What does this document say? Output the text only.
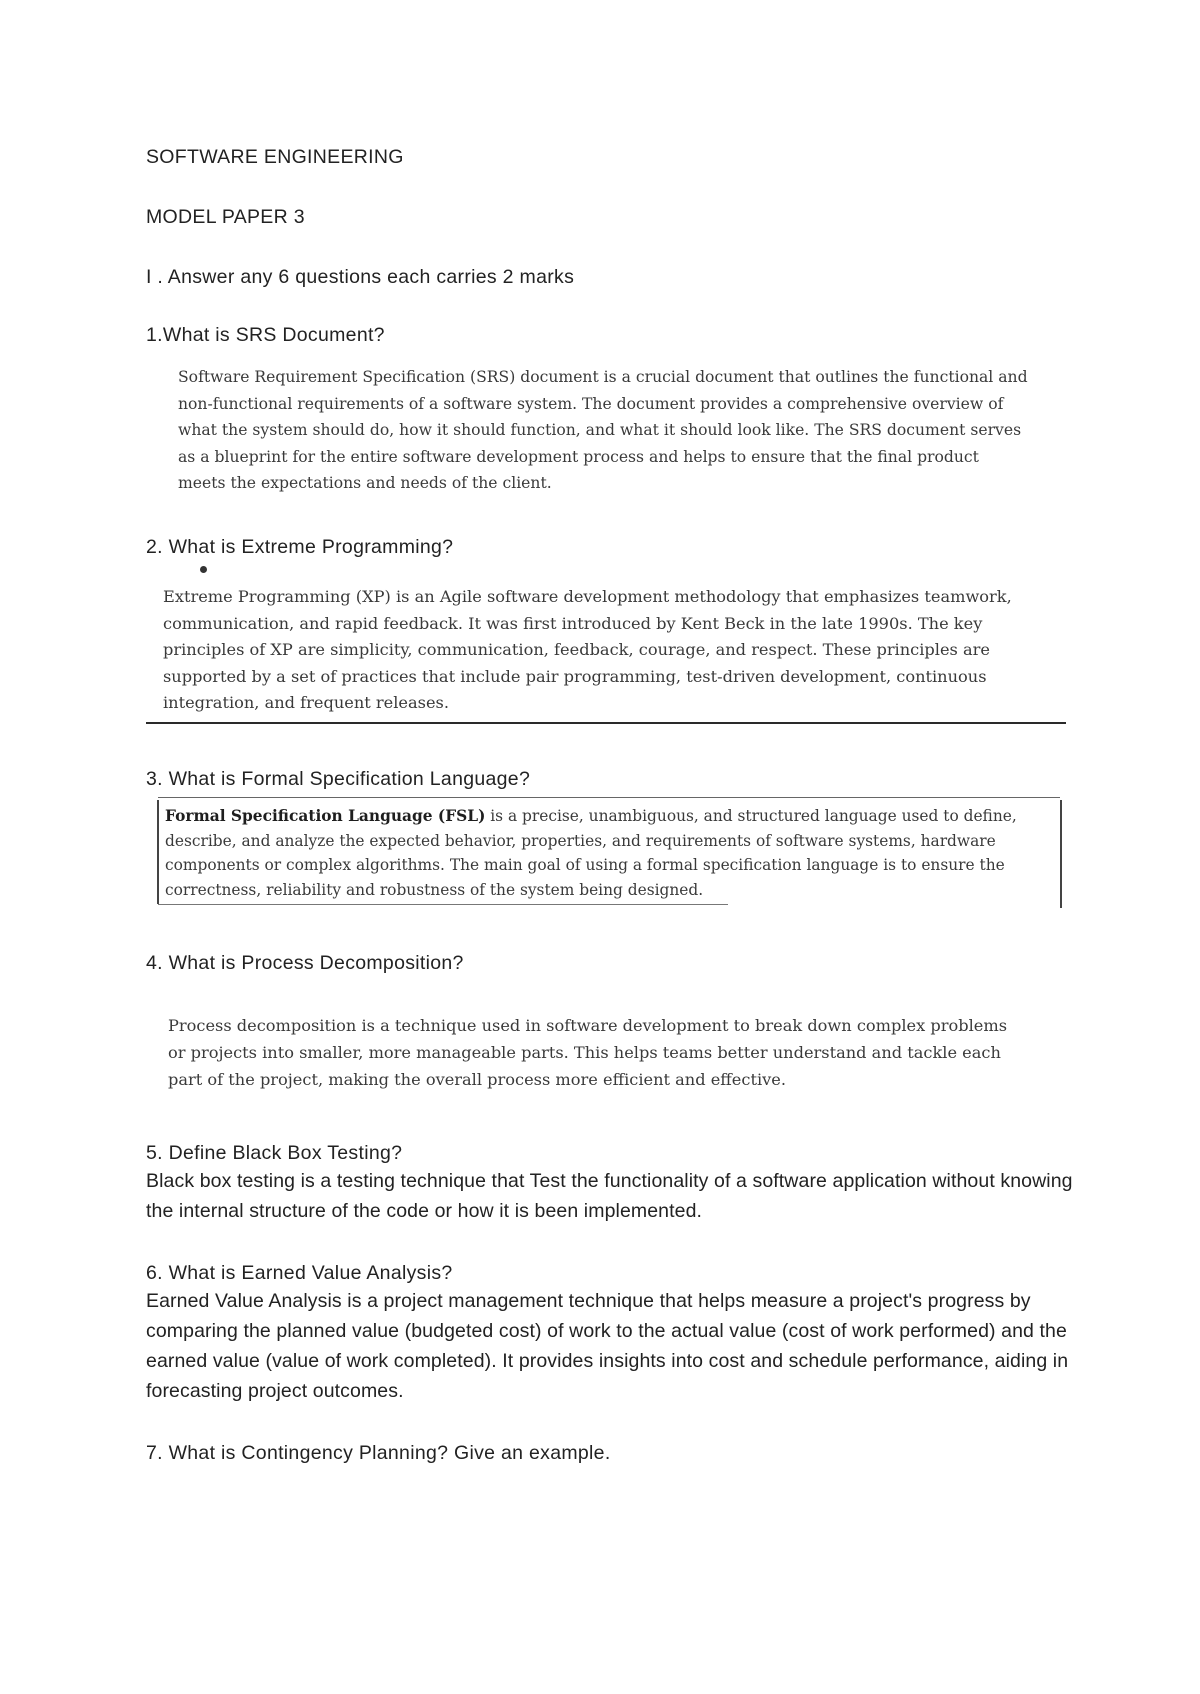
SOFTWARE ENGINEERING
MODEL PAPER 3
I . Answer any 6 questions each carries 2 marks
1.What is SRS Document?

Software Requirement Specification (SRS) document is a crucial document that outlines the functional and

non-functional requirements of a software system. The document provides a comprehensive overview of

what the system should do, how it should function, and what it should look like. The SRS document serves

as a blueprint for the entire software development process and helps to ensure that the final product

meets the expectations and needs of the client.

2. What is Extreme Programming?

Extreme Programming (XP) is an Agile software development methodology that emphasizes teamwork,

communication, and rapid feedback. It was first introduced by Kent Beck in the late 1990s. The key

principles of XP are simplicity, communication, feedback, courage, and respect. These principles are

supported by a set of practices that include pair programming, test-driven development, continuous

integration, and frequent releases.

3. What is Formal Specification Language?

Formal Specification Language (FSL) is a precise, unambiguous, and structured language used to define,

describe, and analyze the expected behavior, properties, and requirements of software systems, hardware

components or complex algorithms. The main goal of using a formal specification language is to ensure the

correctness, reliability and robustness of the system being designed.

4. What is Process Decomposition?

Process decomposition is a technique used in software development to break down complex problems

or projects into smaller, more manageable parts. This helps teams better understand and tackle each

part of the project, making the overall process more efficient and effective.

5. Define Black Box Testing?
Black box testing is a testing technique that Test the functionality of a software application without knowing the internal structure of the code or how it is been implemented.
6. What is Earned Value Analysis?
Earned Value Analysis is a project management technique that helps measure a project's progress by comparing the planned value (budgeted cost) of work to the actual value (cost of work performed) and the earned value (value of work completed). It provides insights into cost and schedule performance, aiding in forecasting project outcomes.
7. What is Contingency Planning? Give an example.
